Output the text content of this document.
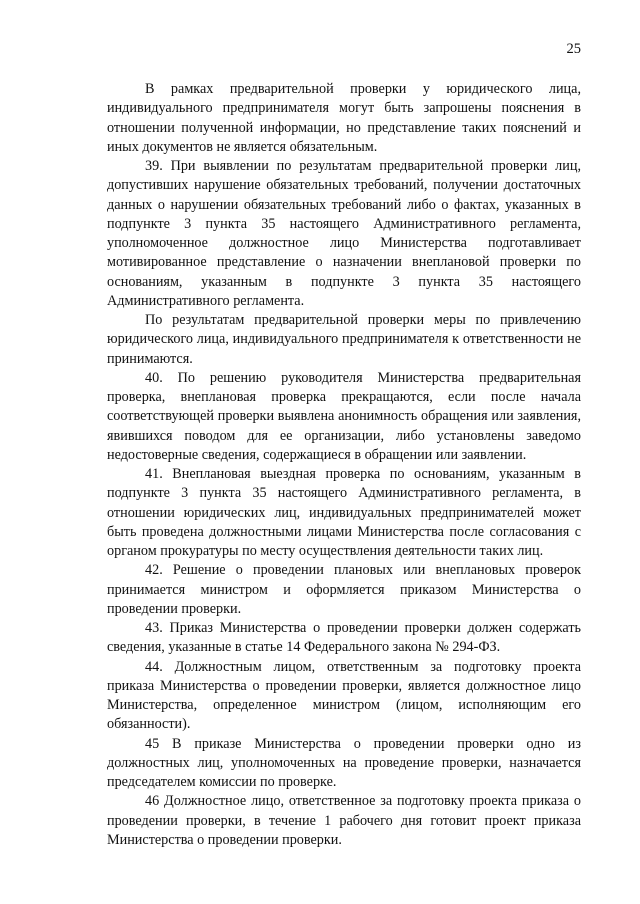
25

В рамках предварительной проверки у юридического лица, индивидуального предпринимателя могут быть запрошены пояснения в отношении полученной информации, но представление таких пояснений и иных документов не является обязательным.

39. При выявлении по результатам предварительной проверки лиц, допустивших нарушение обязательных требований, получении достаточных данных о нарушении обязательных требований либо о фактах, указанных в подпункте 3 пункта 35 настоящего Административного регламента, уполномоченное должностное лицо Министерства подготавливает мотивированное представление о назначении внеплановой проверки по основаниям, указанным в подпункте 3 пункта 35 настоящего Административного регламента.

По результатам предварительной проверки меры по привлечению юридического лица, индивидуального предпринимателя к ответственности не принимаются.

40. По решению руководителя Министерства предварительная проверка, внеплановая проверка прекращаются, если после начала соответствующей проверки выявлена анонимность обращения или заявления, явившихся поводом для ее организации, либо установлены заведомо недостоверные сведения, содержащиеся в обращении или заявлении.

41. Внеплановая выездная проверка по основаниям, указанным в подпункте 3 пункта 35 настоящего Административного регламента, в отношении юридических лиц, индивидуальных предпринимателей может быть проведена должностными лицами Министерства после согласования с органом прокуратуры по месту осуществления деятельности таких лиц.

42. Решение о проведении плановых или внеплановых проверок принимается министром и оформляется приказом Министерства о проведении проверки.

43. Приказ Министерства о проведении проверки должен содержать сведения, указанные в статье 14 Федерального закона № 294-ФЗ.

44. Должностным лицом, ответственным за подготовку проекта приказа Министерства о проведении проверки, является должностное лицо Министерства, определенное министром (лицом, исполняющим его обязанности).

45 В приказе Министерства о проведении проверки одно из должностных лиц, уполномоченных на проведение проверки, назначается председателем комиссии по проверке.

46 Должностное лицо, ответственное за подготовку проекта приказа о проведении проверки, в течение 1 рабочего дня готовит проект приказа Министерства о проведении проверки.
